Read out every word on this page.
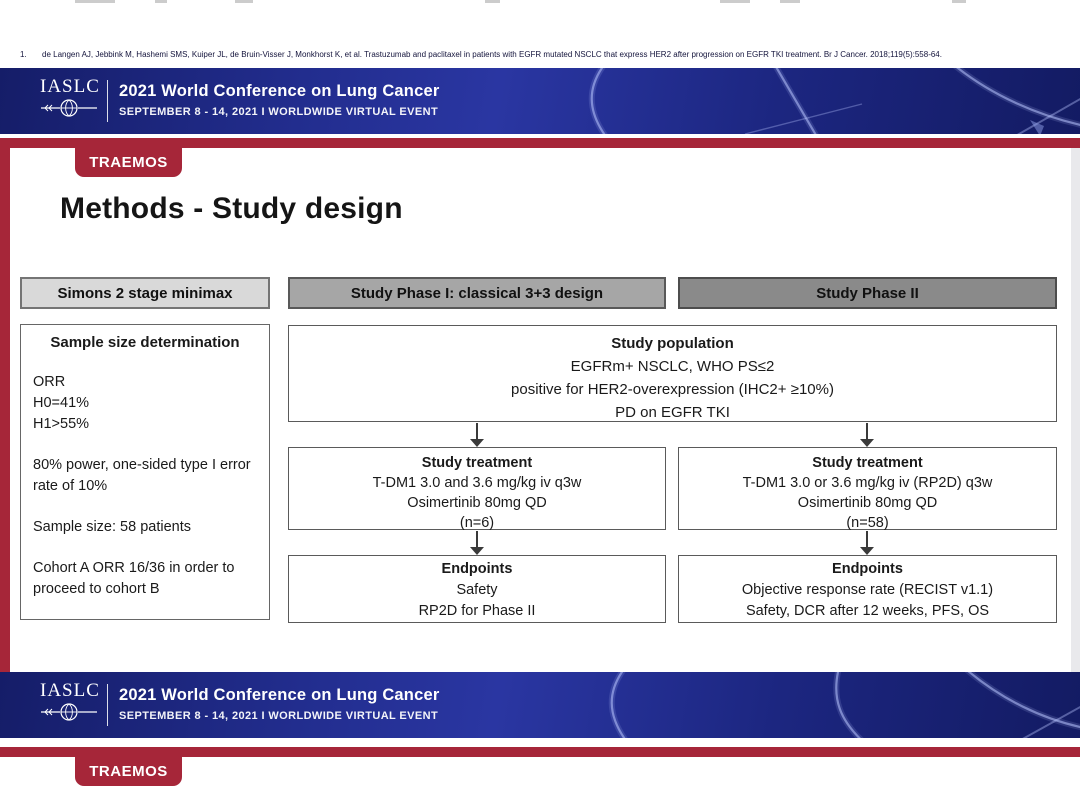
1. de Langen AJ, Jebbink M, Hashemi SMS, Kuiper JL, de Bruin-Visser J, Monkhorst K, et al. Trastuzumab and paclitaxel in patients with EGFR mutated NSCLC that express HER2 after progression on EGFR TKI treatment. Br J Cancer. 2018;119(5):558-64.
IASLC 2021 World Conference on Lung Cancer
SEPTEMBER 8 - 14, 2021 I WORLDWIDE VIRTUAL EVENT
TRAEMOS
Methods - Study design
Simons 2 stage minimax	Study Phase I: classical 3+3 design	Study Phase II
Sample size determination
ORR
H0=41%
H1>55%
80% power, one-sided type I error rate of 10%
Sample size: 58 patients
Cohort A ORR 16/36 in order to proceed to cohort B
Study population
EGFRm+ NSCLC, WHO PS≤2
positive for HER2-overexpression (IHC2+ ≥10%)
PD on EGFR TKI
Study treatment
T-DM1 3.0 and 3.6 mg/kg iv q3w
Osimertinib 80mg QD
(n=6)
Study treatment
T-DM1 3.0 or 3.6 mg/kg iv (RP2D) q3w
Osimertinib 80mg QD
(n=58)
Endpoints
Safety
RP2D for Phase II
Endpoints
Objective response rate (RECIST v1.1)
Safety, DCR after 12 weeks, PFS, OS
IASLC 2021 World Conference on Lung Cancer
SEPTEMBER 8 - 14, 2021 I WORLDWIDE VIRTUAL EVENT
TRAEMOS
